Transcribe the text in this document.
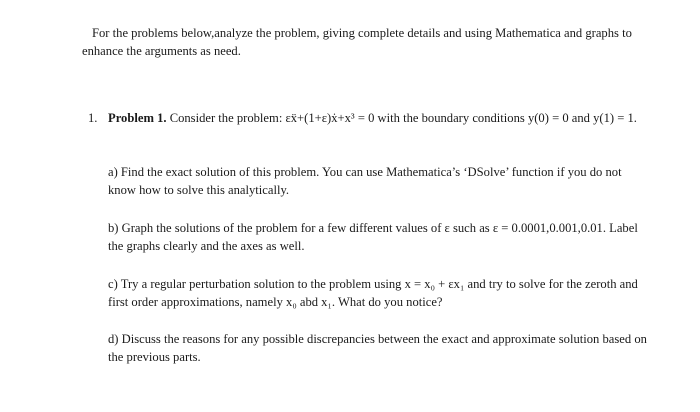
For the problems below,analyze the problem, giving complete details and using Mathematica and graphs to enhance the arguments as need.

1. Problem 1. Consider the problem: εẍ+(1+ε)ẋ+x³ = 0 with the boundary conditions y(0) = 0 and y(1) = 1.

a) Find the exact solution of this problem. You can use Mathematica’s ‘DSolve’ function if you do not know how to solve this analytically.

b) Graph the solutions of the problem for a few different values of ε such as ε = 0.0001,0.001,0.01. Label the graphs clearly and the axes as well.

c) Try a regular perturbation solution to the problem using x = x₀ + εx₁ and try to solve for the zeroth and first order approximations, namely x₀ abd x₁. What do you notice?

d) Discuss the reasons for any possible discrepancies between the exact and approximate solution based on the previous parts.
